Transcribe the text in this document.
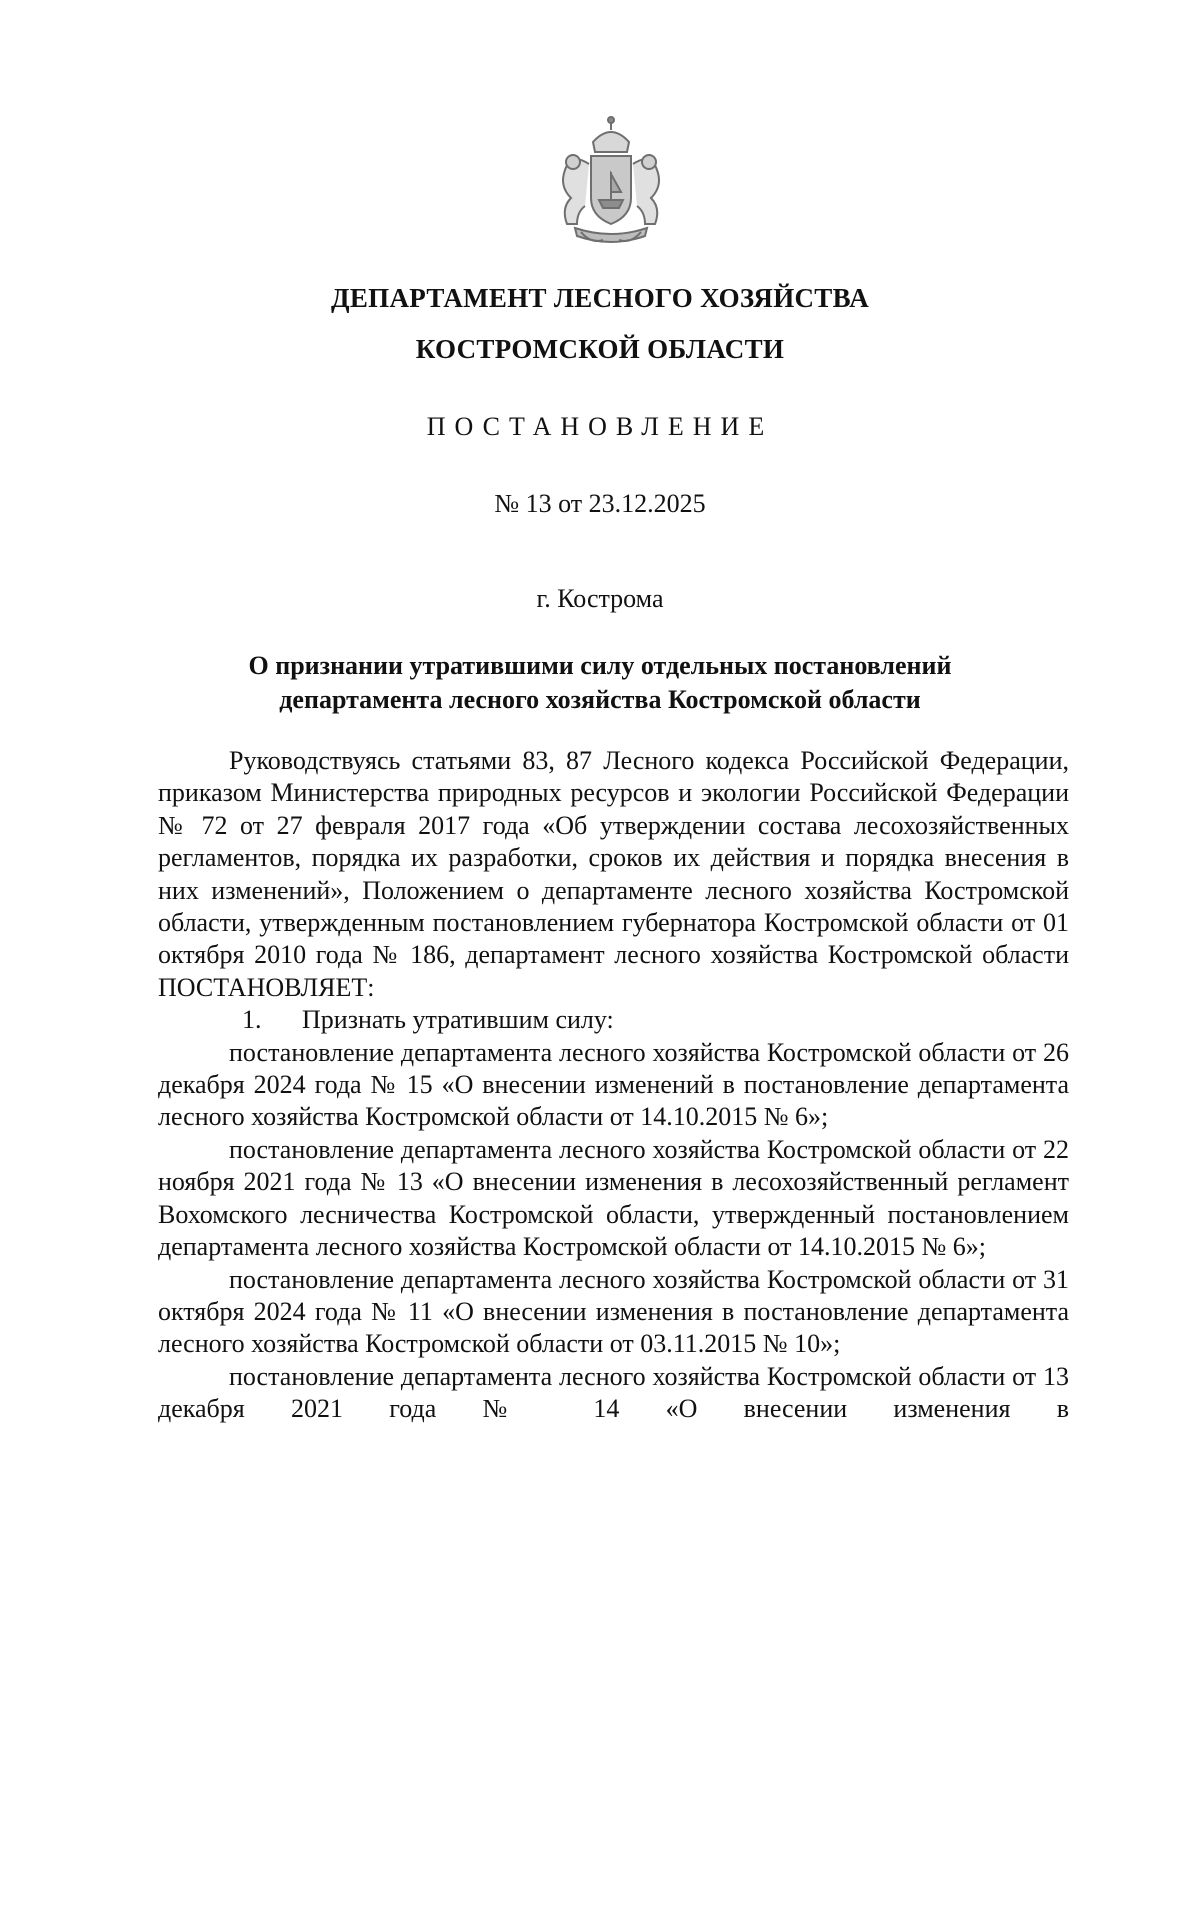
ДЕПАРТАМЕНТ ЛЕСНОГО ХОЗЯЙСТВА
КОСТРОМСКОЙ ОБЛАСТИ
ПОСТАНОВЛЕНИЕ
№ 13 от 23.12.2025
г. Кострома
О признании утратившими силу отдельных постановлений
департамента лесного хозяйства Костромской области

Руководствуясь статьями 83, 87 Лесного кодекса Российской Федерации, приказом Министерства природных ресурсов и экологии Российской Федерации № 72 от 27 февраля 2017 года «Об утверждении состава лесохозяйственных регламентов, порядка их разработки, сроков их действия и порядка внесения в них изменений», Положением о департаменте лесного хозяйства Костромской области, утвержденным постановлением губернатора Костромской области от 01 октября 2010 года № 186, департамент лесного хозяйства Костромской области ПОСТАНОВЛЯЕТ:

1.	Признать утратившим силу:

постановление департамента лесного хозяйства Костромской области от 26 декабря 2024 года № 15 «О внесении изменений в постановление департамента лесного хозяйства Костромской области от 14.10.2015 № 6»;

постановление департамента лесного хозяйства Костромской области от 22 ноября 2021 года № 13 «О внесении изменения в лесохозяйственный регламент Вохомского лесничества Костромской области, утвержденный постановлением департамента лесного хозяйства Костромской области от 14.10.2015 № 6»;

постановление департамента лесного хозяйства Костромской области от 31 октября 2024 года № 11 «О внесении изменения в постановление департамента лесного хозяйства Костромской области от 03.11.2015 № 10»;

постановление департамента лесного хозяйства Костромской области от 13 декабря 2021 года № 14 «О внесении изменения в
